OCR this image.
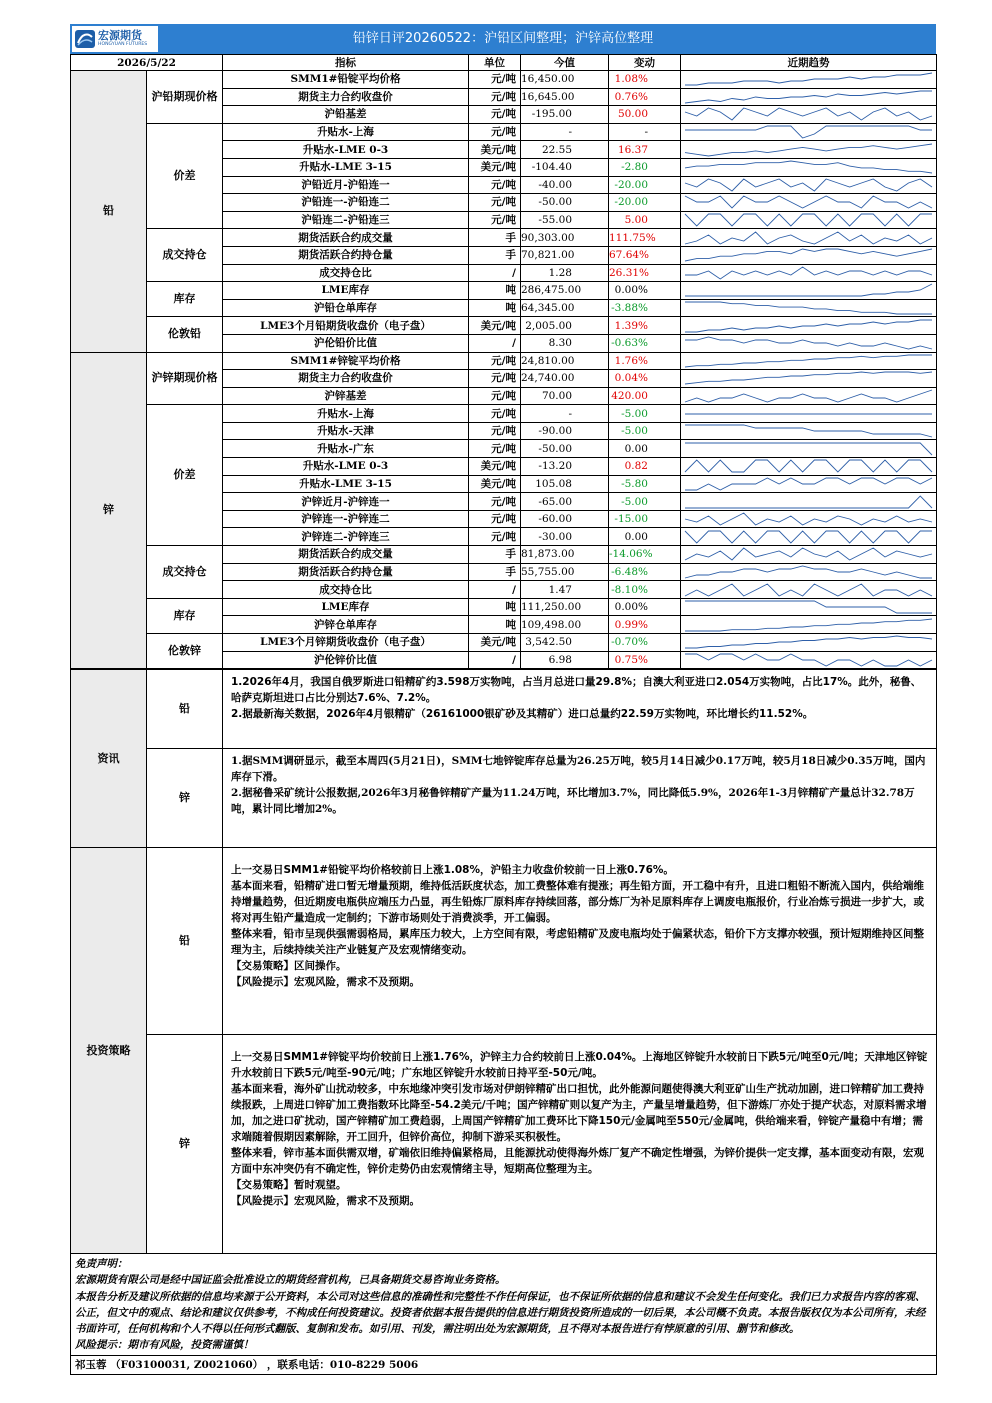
宏源期货
HONGYUAN FUTURES	铅锌日评20260522：沪铅区间整理；沪锌高位整理
2026/5/22		指标	单位	今值	变动	近期趋势
铅	沪铅期现价格	SMM1#铅锭平均价格	元/吨	16,450.00	1.08%	

		期货主力合约收盘价	元/吨	16,645.00	0.76%	

		沪铅基差	元/吨	-195.00	50.00	

	价差	升贴水-上海	元/吨	-	-	

		升贴水-LME 0-3	美元/吨	22.55	16.37	

		升贴水-LME 3-15	美元/吨	-104.40	-2.80	

		沪铅近月-沪铅连一	元/吨	-40.00	-20.00	

		沪铅连一-沪铅连二	元/吨	-50.00	-20.00	

		沪铅连二-沪铅连三	元/吨	-55.00	5.00	

	成交持仓	期货活跃合约成交量	手	90,303.00	111.75%	

		期货活跃合约持仓量	手	70,821.00	67.64%	

		成交持仓比	/	1.28	26.31%	

	库存	LME库存	吨	286,475.00	0.00%	

		沪铅仓单库存	吨	64,345.00	-3.88%	

	伦敦铅	LME3个月铅期货收盘价（电子盘）	美元/吨	2,005.00	1.39%	

		沪伦铅价比值	/	8.30	-0.63%	

锌	沪锌期现价格	SMM1#锌锭平均价格	元/吨	24,810.00	1.76%	

		期货主力合约收盘价	元/吨	24,740.00	0.04%	

		沪锌基差	元/吨	70.00	420.00	

	价差	升贴水-上海	元/吨	-	-5.00	

		升贴水-天津	元/吨	-90.00	-5.00	

		升贴水-广东	元/吨	-50.00	0.00	

		升贴水-LME 0-3	美元/吨	-13.20	0.82	

		升贴水-LME 3-15	美元/吨	105.08	-5.80	

		沪锌近月-沪锌连一	元/吨	-65.00	-5.00	

		沪锌连一-沪锌连二	元/吨	-60.00	-15.00	

		沪锌连二-沪锌连三	元/吨	-30.00	0.00	

	成交持仓	期货活跃合约成交量	手	81,873.00	-14.06%	

		期货活跃合约持仓量	手	55,755.00	-6.48%	

		成交持仓比	/	1.47	-8.10%	

	库存	LME库存	吨	111,250.00	0.00%	

		沪锌仓单库存	吨	109,498.00	0.99%	

	伦敦锌	LME3个月锌期货收盘价（电子盘）	美元/吨	3,542.50	-0.70%	

		沪伦锌价比值	/	6.98	0.75%	
资讯	铅	1.2026年4月，我国自俄罗斯进口铅精矿约3.598万实物吨，占当月总进口量29.8%；自澳大利亚进口2.054万实物吨，占比17%。此外，秘鲁、哈萨克斯坦进口占比分别达7.6%、7.2%。

2.据最新海关数据，2026年4月银精矿（26161000银矿砂及其精矿）进口总量约22.59万实物吨，环比增长约11.52%。

	锌	1.据SMM调研显示，截至本周四(5月21日)，SMM七地锌锭库存总量为26.25万吨，较5月14日减少0.17万吨，较5月18日减少0.35万吨，国内库存下滑。

2.据秘鲁采矿统计公报数据,2026年3月秘鲁锌精矿产量为11.24万吨，环比增加3.7%，同比降低5.9%，2026年1-3月锌精矿产量总计32.78万吨，累计同比增加2%。

投资策略	铅	上一交易日SMM1#铅锭平均价格较前日上涨1.08%，沪铅主力收盘价较前一日上涨0.76%。

基本面来看，铅精矿进口暂无增量预期，维持低活跃度状态，加工费整体难有提涨；再生铅方面，开工稳中有升，且进口粗铅不断流入国内，供给端维持增量趋势，但近期废电瓶供应端压力凸显，再生铅炼厂原料库存持续回落，部分炼厂为补足原料库存上调废电瓶报价，行业冶炼亏损进一步扩大，或将对再生铅产量造成一定制约；下游市场则处于消费淡季，开工偏弱。

整体来看，铅市呈现供强需弱格局，累库压力较大，上方空间有限，考虑铅精矿及废电瓶均处于偏紧状态，铅价下方支撑亦较强，预计短期维持区间整理为主，后续持续关注产业链复产及宏观情绪变动。

【交易策略】区间操作。

【风险提示】宏观风险，需求不及预期。

	锌	上一交易日SMM1#锌锭平均价较前日上涨1.76%，沪锌主力合约较前日上涨0.04%。上海地区锌锭升水较前日下跌5元/吨至0元/吨；天津地区锌锭升水较前日下跌5元/吨至-90元/吨；广东地区锌锭升水较前日持平至-50元/吨。

基本面来看，海外矿山扰动较多，中东地缘冲突引发市场对伊朗锌精矿出口担忧，此外能源问题使得澳大利亚矿山生产扰动加剧，进口锌精矿加工费持续报跌，上周进口锌矿加工费指数环比降至-54.2美元/千吨；国产锌精矿则以复产为主，产量呈增量趋势，但下游炼厂亦处于提产状态，对原料需求增加，加之进口矿扰动，国产锌精矿加工费趋弱，上周国产锌精矿加工费环比下降150元/金属吨至550元/金属吨，供给端来看，锌锭产量稳中有增；需求端随着假期因素解除，开工回升，但锌价高位，抑制下游采买积极性。

整体来看，锌市基本面供需双增，矿端依旧维持偏紧格局，且能源扰动使得海外炼厂复产不确定性增强，为锌价提供一定支撑，基本面变动有限，宏观方面中东冲突仍有不确定性，锌价走势仍由宏观情绪主导，短期高位整理为主。

【交易策略】暂时观望。

【风险提示】宏观风险，需求不及预期。

免责声明：

宏源期货有限公司是经中国证监会批准设立的期货经营机构，已具备期货交易咨询业务资格。

本报告分析及建议所依据的信息均来源于公开资料，本公司对这些信息的准确性和完整性不作任何保证，也不保证所依据的信息和建议不会发生任何变化。我们已力求报告内容的客观、公正，但文中的观点、结论和建议仅供参考，不构成任何投资建议。投资者依据本报告提供的信息进行期货投资所造成的一切后果，本公司概不负责。本报告版权仅为本公司所有，未经书面许可，任何机构和个人不得以任何形式翻版、复制和发布。如引用、刊发，需注明出处为宏源期货，且不得对本报告进行有悖原意的引用、删节和修改。

风险提示：期市有风险，投资需谨慎！		

祁玉蓉 （F03100031, Z0021060） ，联系电话：010-8229 5006		
